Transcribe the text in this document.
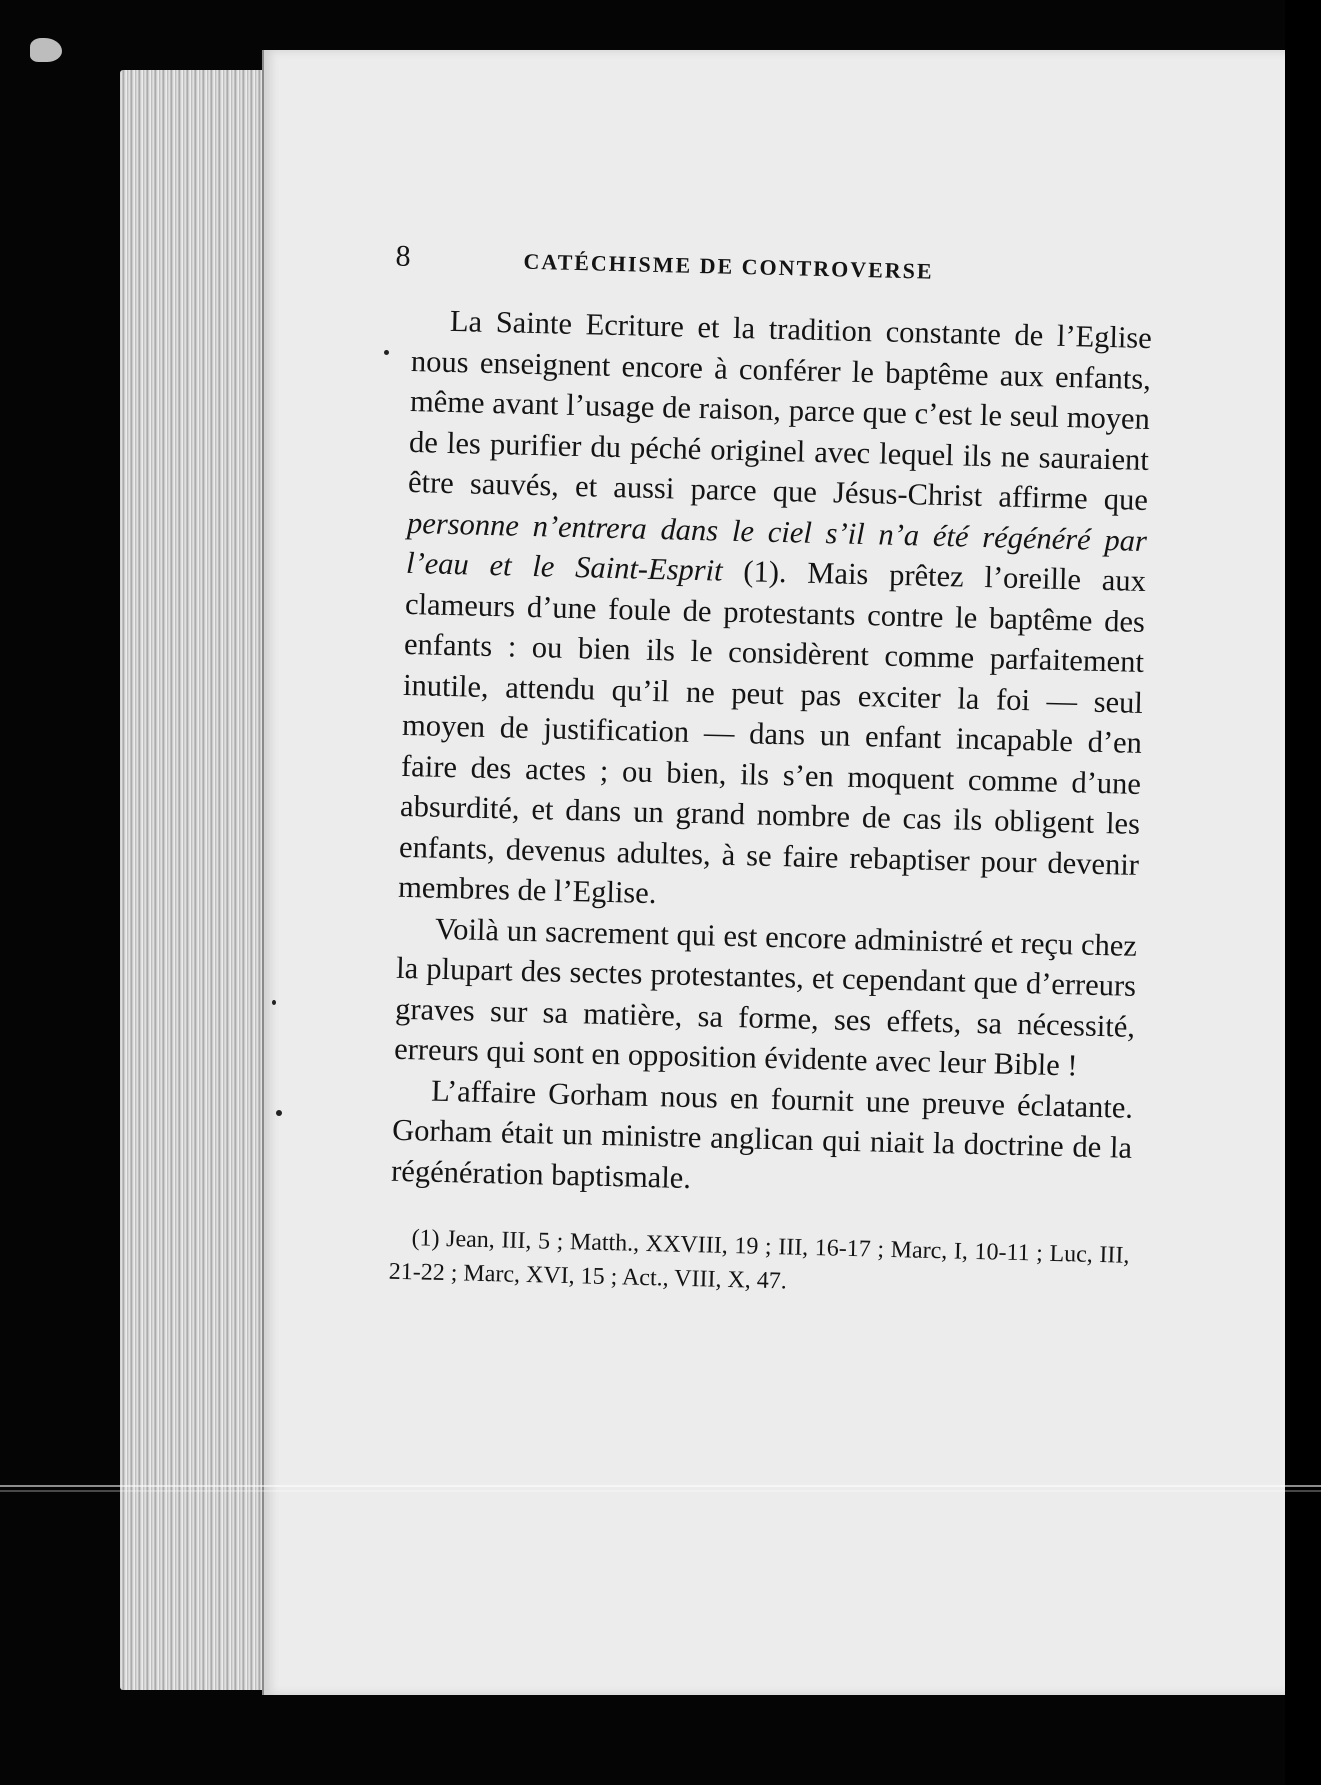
8	CATÉCHISME DE CONTROVERSE

La Sainte Ecriture et la tradition constante de l’Eglise nous enseignent encore à conférer le baptême aux enfants, même avant l’usage de raison, parce que c’est le seul moyen de les purifier du péché originel avec lequel ils ne sauraient être sauvés, et aussi parce que Jésus-Christ affirme que personne n’entrera dans le ciel s’il n’a été régénéré par l’eau et le Saint-Esprit (1). Mais prêtez l’oreille aux clameurs d’une foule de protestants contre le baptême des enfants : ou bien ils le considèrent comme parfaitement inutile, attendu qu’il ne peut pas exciter la foi — seul moyen de justification — dans un enfant incapable d’en faire des actes ; ou bien, ils s’en moquent comme d’une absurdité, et dans un grand nombre de cas ils obligent les enfants, devenus adultes, à se faire rebaptiser pour devenir membres de l’Eglise.

Voilà un sacrement qui est encore administré et reçu chez la plupart des sectes protestantes, et cependant que d’erreurs graves sur sa matière, sa forme, ses effets, sa nécessité, erreurs qui sont en opposition évidente avec leur Bible !

L’affaire Gorham nous en fournit une preuve éclatante. Gorham était un ministre anglican qui niait la doctrine de la régénération baptismale.

(1) Jean, III, 5 ; Matth., XXVIII, 19 ; III, 16-17 ; Marc, I, 10-11 ; Luc, III, 21-22 ; Marc, XVI, 15 ; Act., VIII, X, 47.
